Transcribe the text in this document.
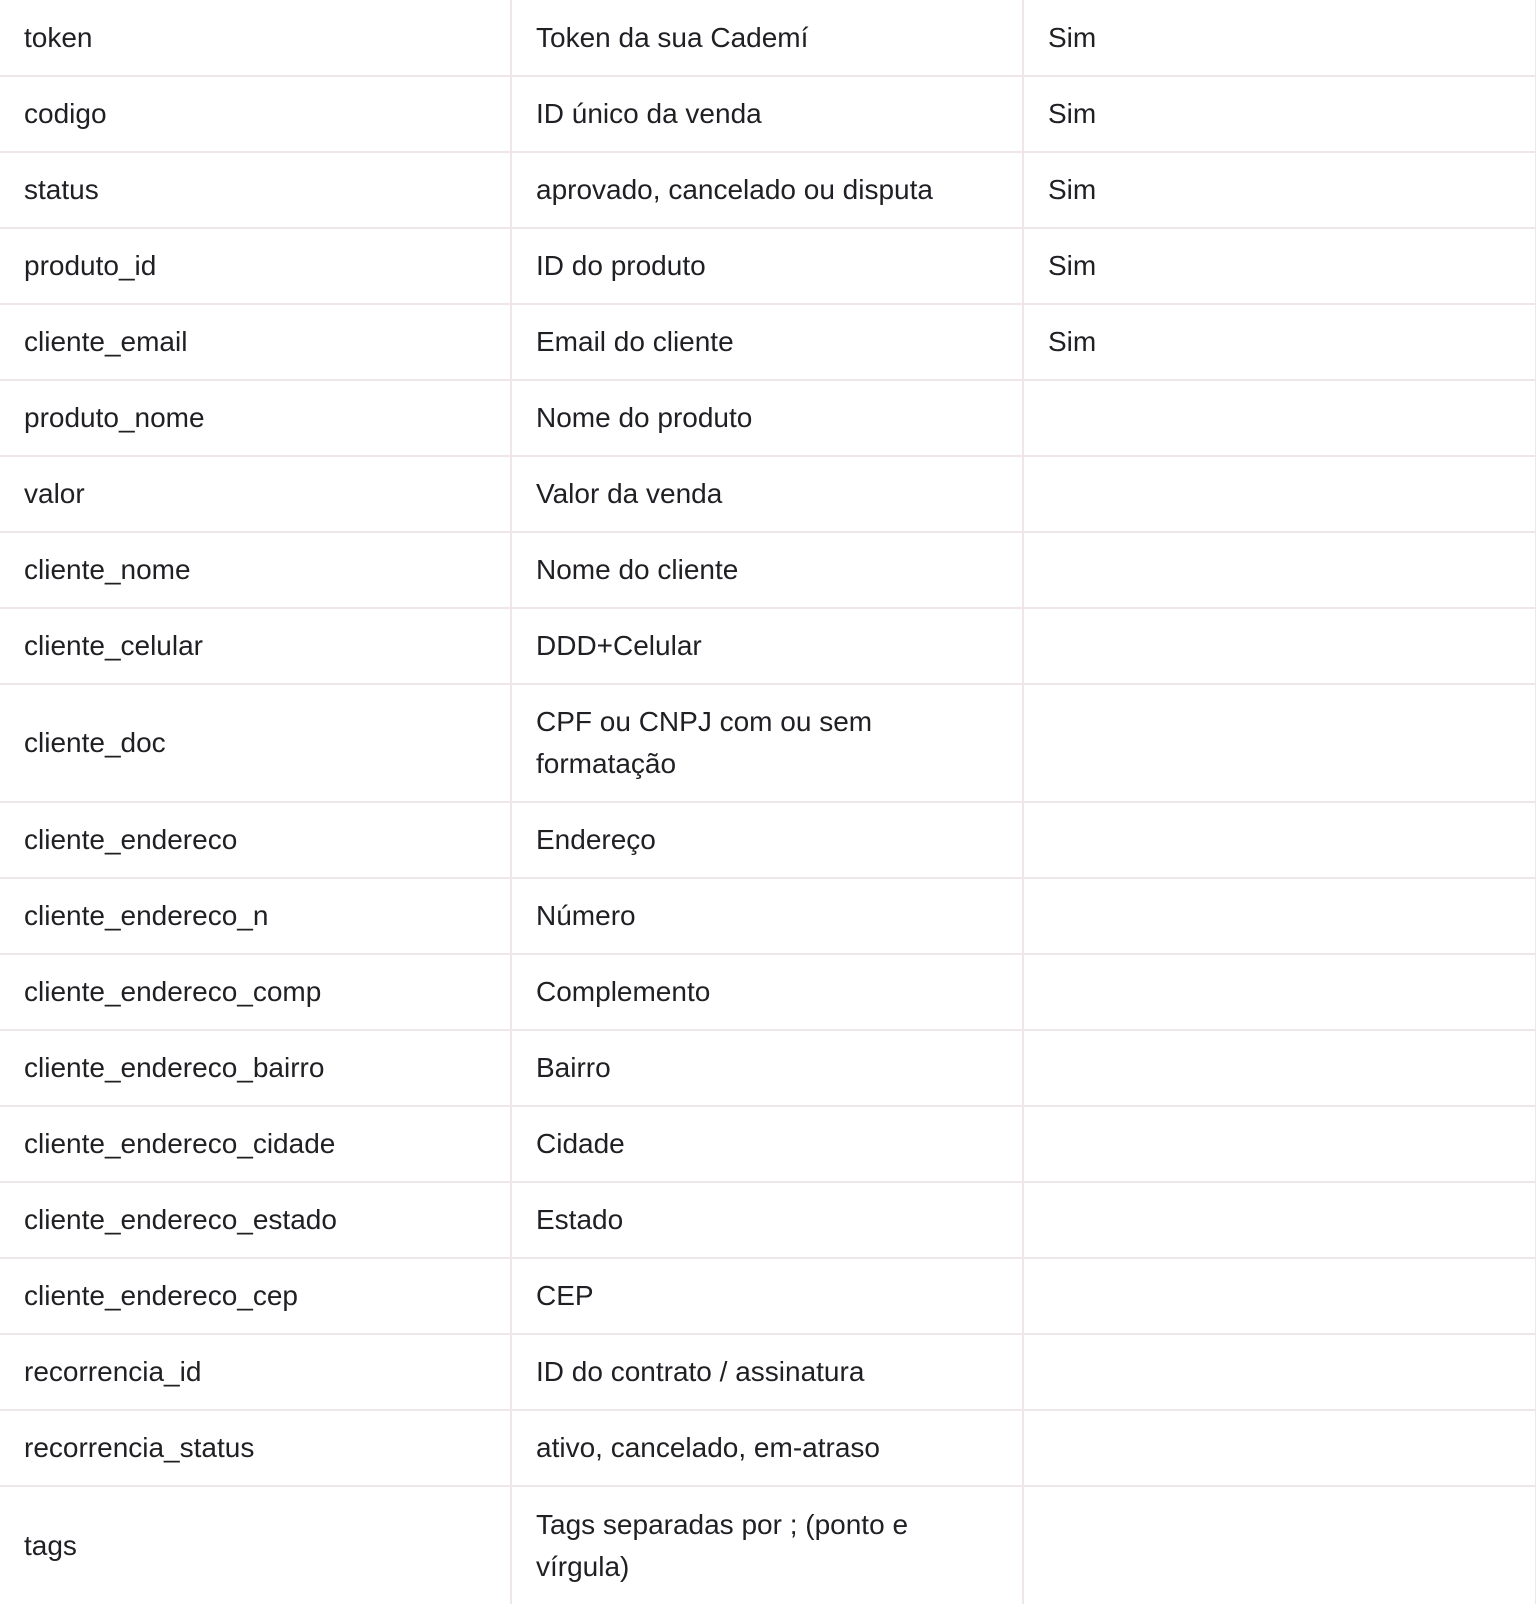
token	Token da sua Cademí	Sim
codigo	ID único da venda	Sim
status	aprovado, cancelado ou disputa	Sim
produto_id	ID do produto	Sim
cliente_email	Email do cliente	Sim
produto_nome	Nome do produto	
valor	Valor da venda	
cliente_nome	Nome do cliente	
cliente_celular	DDD+Celular	
cliente_doc	CPF ou CNPJ com ou sem formatação	
cliente_endereco	Endereço	
cliente_endereco_n	Número	
cliente_endereco_comp	Complemento	
cliente_endereco_bairro	Bairro	
cliente_endereco_cidade	Cidade	
cliente_endereco_estado	Estado	
cliente_endereco_cep	CEP	
recorrencia_id	ID do contrato / assinatura	
recorrencia_status	ativo, cancelado, em-atraso	
tags	Tags separadas por ; (ponto e vírgula)	
